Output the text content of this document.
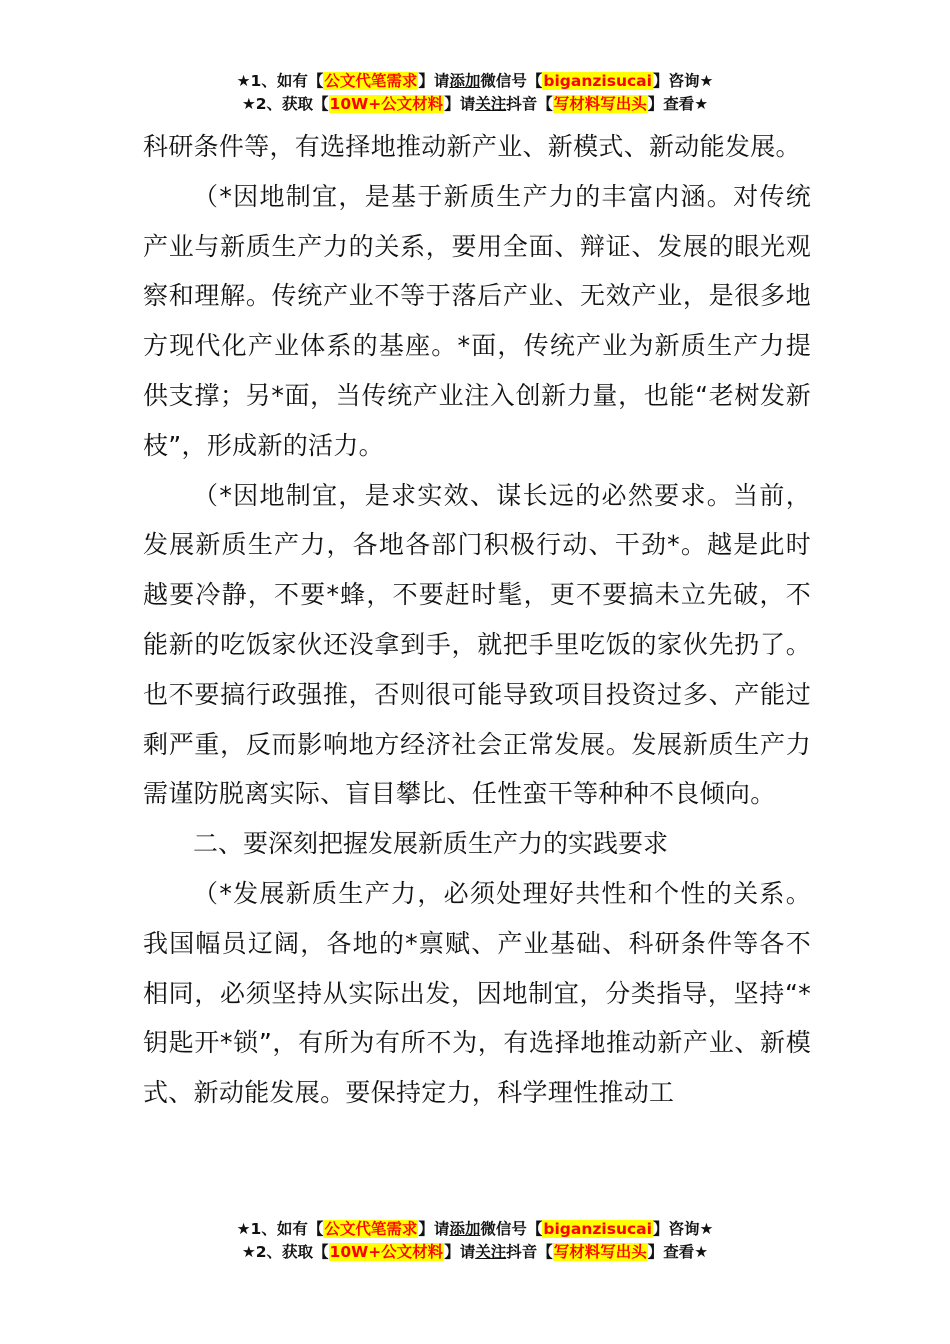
★1、如有【公文代笔需求】请添加微信号【biganzisucai】咨询★
★2、获取【10W+公文材料】请关注抖音【写材料写出头】查看★

科研条件等，有选择地推动新产业、新模式、新动能发展。

（*因地制宜，是基于新质生产力的丰富内涵。对传统产业与新质生产力的关系，要用全面、辩证、发展的眼光观察和理解。传统产业不等于落后产业、无效产业，是很多地方现代化产业体系的基座。*面，传统产业为新质生产力提供支撑；另*面，当传统产业注入创新力量，也能“老树发新枝”，形成新的活力。

（*因地制宜，是求实效、谋长远的必然要求。当前，发展新质生产力，各地各部门积极行动、干劲*。越是此时越要冷静，不要*蜂，不要赶时髦，更不要搞未立先破，不能新的吃饭家伙还没拿到手，就把手里吃饭的家伙先扔了。也不要搞行政强推，否则很可能导致项目投资过多、产能过剩严重，反而影响地方经济社会正常发展。发展新质生产力需谨防脱离实际、盲目攀比、任性蛮干等种种不良倾向。

二、要深刻把握发展新质生产力的实践要求

（*发展新质生产力，必须处理好共性和个性的关系。我国幅员辽阔，各地的*禀赋、产业基础、科研条件等各不相同，必须坚持从实际出发，因地制宜，分类指导，坚持“*钥匙开*锁”，有所为有所不为，有选择地推动新产业、新模式、新动能发展。要保持定力，科学理性推动工

★1、如有【公文代笔需求】请添加微信号【biganzisucai】咨询★
★2、获取【10W+公文材料】请关注抖音【写材料写出头】查看★
